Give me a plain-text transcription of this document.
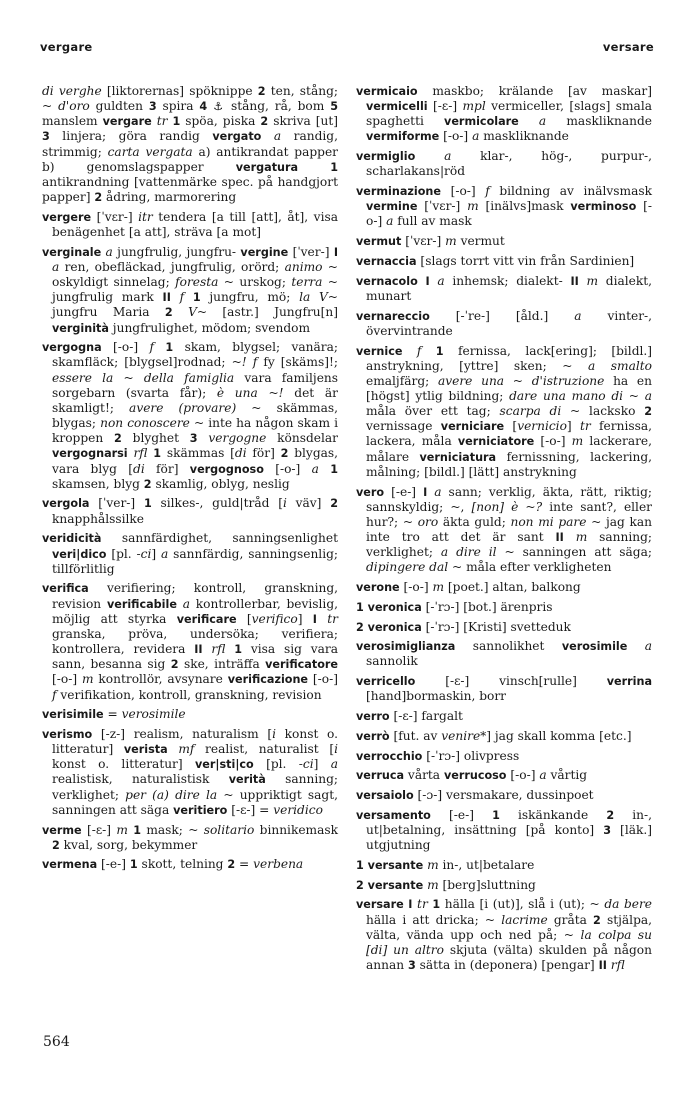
vergare	versare

di verghe [liktorernas] spöknippe 2 ten, stång; ~ d'oro guldten 3 spira 4 ⚓ stång, rå, bom 5 manslem vergare tr 1 spöa, piska 2 skriva [ut] 3 linjera; göra randig vergato a randig, strimmig; carta vergata a) antikrandat papper b) genomslagspapper vergatura	1 antikrandning [vattenmärke spec. på handgjort papper] 2 ådring, marmorering

vergere [ˈvɛr-] itr tendera [a till [att], åt], visa benägenhet [a att], sträva [a mot]

verginale a jungfrulig, jungfru- vergine [ˈver-] I a ren, obefläckad, jungfrulig, orörd; animo ~ oskyldigt sinnelag; foresta ~ urskog; terra ~ jungfrulig mark II f 1 jungfru, mö; la V~ jungfru Maria 2 V~ [astr.] Jungfru[n] verginità jungfrulighet, mödom; svendom

vergogna [-o-] f 1 skam, blygsel; vanära; skamfläck; [blygsel]rodnad; ~! f fy [skäms]!; essere la ~ della famiglia vara familjens sorgebarn (svarta får); è una ~! det är skamligt!; avere (provare) ~ skämmas, blygas; non conoscere ~ inte ha någon skam i kroppen 2 blyghet 3 vergogne könsdelar vergognarsi rfl 1 skämmas [di för] 2 blygas, vara blyg [di för] vergognoso [-o-] a 1 skamsen, blyg 2 skamlig, oblyg, neslig

vergola [ˈver-] 1 silkes-, guld|tråd [i väv] 2 knapphålssilke

veridicità sannfärdighet, sanningsenlighet veri|dico [pl. -ci] a sannfärdig, sanningsenlig; tillförlitlig

verifica verifiering; kontroll, granskning, revision verificabile a kontrollerbar, bevislig, möjlig att styrka verificare [verifico] I tr granska, pröva, undersöka; verifiera; kontrollera, revidera II rfl 1 visa sig vara sann, besanna sig 2 ske, inträffa verificatore [-o-] m kontrollör, avsynare verificazione [-o-] f verifikation, kontroll, granskning, revision

verisimile = verosimile

verismo [-z-] realism, naturalism [i konst o. litteratur] verista mf realist, naturalist [i konst o. litteratur] ver|sti|co [pl. -ci] a realistisk, naturalistisk verità sanning; verklighet; per (a) dire la ~ uppriktigt sagt, sanningen att säga veritiero [-ɛ-] = veridico

verme [-ɛ-] m 1 mask; ~ solitario binnikemask 2 kval, sorg, bekymmer

vermena [-e-] 1 skott, telning 2 = verbena

vermicaio maskbo; krälande [av maskar] vermicelli [-ɛ-] mpl vermiceller, [slags] smala spaghetti vermicolare a maskliknande vermiforme [-o-] a maskliknande

vermiglio a klar-, hög-, purpur-, scharlakans|röd

verminazione [-o-] f bildning av inälvsmask vermine [ˈvɛr-] m [inälvs]mask verminoso [-o-] a full av mask

vermut [ˈvɛr-] m vermut

vernaccia [slags torrt vitt vin från Sardinien]

vernacolo I a inhemsk; dialekt- II m dialekt, munart

vernareccio [-ˈre-] [åld.] a vinter-, övervintrande

vernice f 1 fernissa, lack[ering]; [bildl.] anstrykning, [yttre] sken; ~ a smalto emaljfärg; avere una ~ d'istruzione ha en [högst] ytlig bildning; dare una mano di ~ a måla över ett tag; scarpa di ~ lacksko 2 vernissage verniciare [vernicio] tr fernissa, lackera, måla verniciatore [-o-] m lackerare, målare verniciatura fernissning, lackering, målning; [bildl.] [lätt] anstrykning

vero [-e-] I a sann; verklig, äkta, rätt, riktig; sannskyldig; ~, [non] è ~? inte sant?, eller hur?; ~ oro äkta guld; non mi pare ~ jag kan inte tro att det är sant II m sanning; verklighet; a dire il ~ sanningen att säga; dipingere dal ~ måla efter verkligheten

verone [-o-] m [poet.] altan, balkong

1 veronica [-ˈrɔ-] [bot.] ärenpris

2 veronica [-ˈrɔ-] [Kristi] svetteduk

verosimiglianza sannolikhet verosimile a sannolik

verricello [-ɛ-] vinsch[rulle] verrina [hand]bormaskin, borr

verro [-ɛ-] fargalt

verrò [fut. av venire*] jag skall komma [etc.]

verrocchio [-ˈrɔ-] olivpress

verruca vårta verrucoso [-o-] a vårtig

versaiolo [-ɔ-] versmakare, dussinpoet

versamento [-e-] 1 iskänkande 2 in-, ut|betalning, insättning [på konto] 3 [läk.] utgjutning

1 versante m in-, ut|betalare

2 versante m [berg]sluttning

versare I tr 1 hälla [i (ut)], slå i (ut); ~ da bere hälla i att dricka; ~ lacrime gråta 2 stjälpa, välta, vända upp och ned på; ~ la colpa su [di] un altro skjuta (välta) skulden på någon annan 3 sätta in (deponera) [pengar] II rfl

564
